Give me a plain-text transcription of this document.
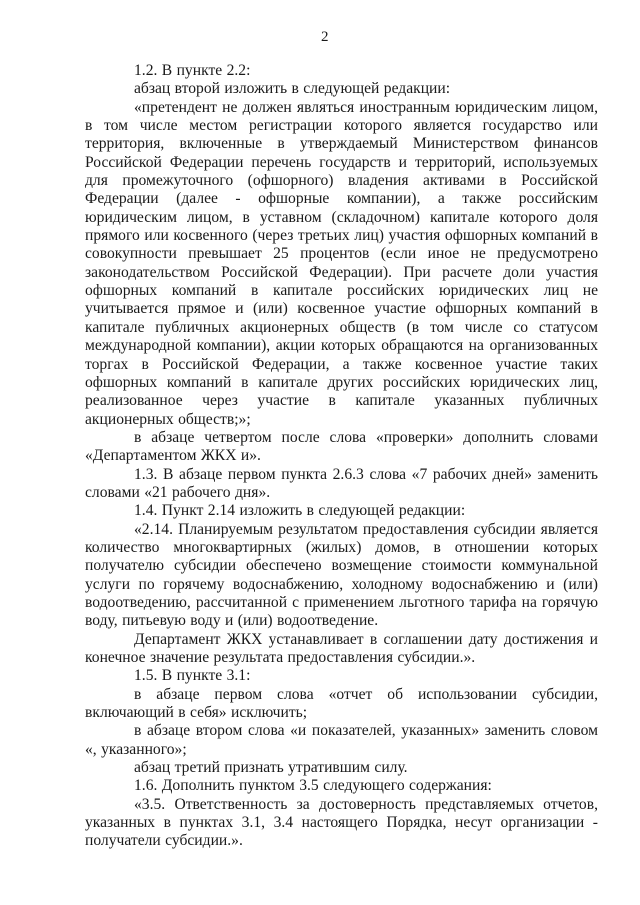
2

1.2. В пункте 2.2:

абзац второй изложить в следующей редакции:

«претендент не должен являться иностранным юридическим лицом, в том числе местом регистрации которого является государство или территория, включенные в утверждаемый Министерством финансов Российской Федерации перечень государств и территорий, используемых для промежуточного (офшорного) владения активами в Российской Федерации (далее - офшорные компании), а также российским юридическим лицом, в уставном (складочном) капитале которого доля прямого или косвенного (через третьих лиц) участия офшорных компаний в совокупности превышает 25 процентов (если иное не предусмотрено законодательством Российской Федерации). При расчете доли участия офшорных компаний в капитале российских юридических лиц не учитывается прямое и (или) косвенное участие офшорных компаний в капитале публичных акционерных обществ (в том числе со статусом международной компании), акции которых обращаются на организованных торгах в Российской Федерации, а также косвенное участие таких офшорных компаний в капитале других российских юридических лиц, реализованное через участие в капитале указанных публичных акционерных обществ;»;

в абзаце четвертом после слова «проверки» дополнить словами «Департаментом ЖКХ и».

1.3. В абзаце первом пункта 2.6.3 слова «7 рабочих дней» заменить словами «21 рабочего дня».

1.4. Пункт 2.14 изложить в следующей редакции:

«2.14. Планируемым результатом предоставления субсидии является количество многоквартирных (жилых) домов, в отношении которых получателю субсидии обеспечено возмещение стоимости коммунальной услуги по горячему водоснабжению, холодному водоснабжению и (или) водоотведению, рассчитанной с применением льготного тарифа на горячую воду, питьевую воду и (или) водоотведение.

Департамент ЖКХ устанавливает в соглашении дату достижения и конечное значение результата предоставления субсидии.».

1.5. В пункте 3.1:

в абзаце первом слова «отчет об использовании субсидии, включающий в себя» исключить;

в абзаце втором слова «и показателей, указанных» заменить словом «, указанного»;

абзац третий признать утратившим силу.

1.6. Дополнить пунктом 3.5 следующего содержания:

«3.5. Ответственность за достоверность представляемых отчетов, указанных в пунктах 3.1, 3.4 настоящего Порядка, несут организации - получатели субсидии.».
